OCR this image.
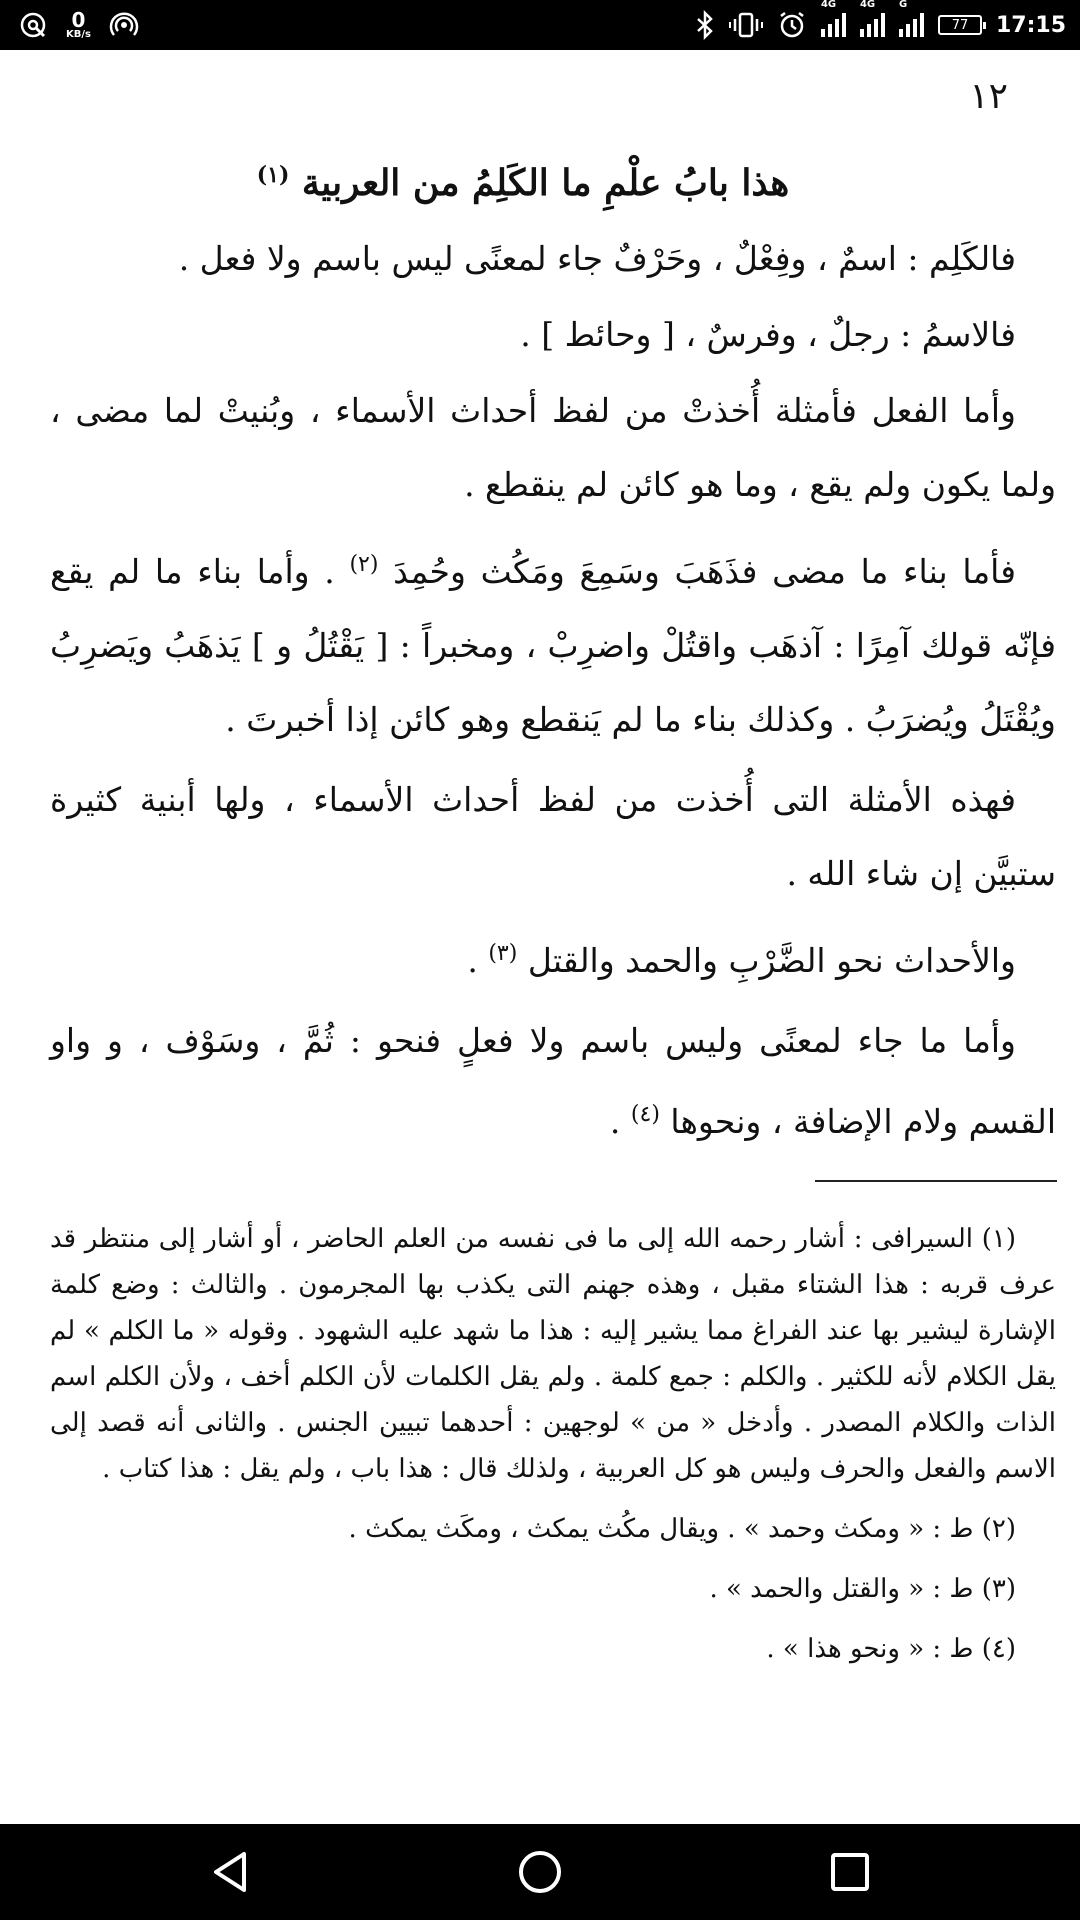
0
KB/s
4G 4G G
77 17:15
١٢
هذا بابُ علْمِ ما الكَلِمُ من العربية $^{(١)}$

فالكَلِم : اسمٌ ، وفِعْلٌ ، وحَرْفٌ جاء لمعنًى ليس باسم ولا فعل .

فالاسمُ : رجلٌ ، وفرسٌ ، [ وحائط ] .

وأما الفعل فأمثلة أُخذتْ من لفظ أحداث الأسماء ، وبُنيتْ لما مضى ، ولما يكون ولم يقع ، وما هو كائن لم ينقطع .

فأما بناء ما مضى فذَهَبَ وسَمِعَ ومَكُث وحُمِدَ $^{(٢)}$ . وأما بناء ما لم يقع فإنّه قولك آمِرًا : آذهَب واقتُلْ واضرِبْ ، ومخبراً : [ يَقْتُلُ و ] يَذهَبُ ويَضرِبُ ويُقْتَلُ ويُضرَبُ . وكذلك بناء ما لم يَنقطع وهو كائن إذا أخبرتَ .

فهذه الأمثلة التى أُخذت من لفظ أحداث الأسماء ، ولها أبنية كثيرة ستبيَّن إن شاء الله .

والأحداث نحو الضَّرْبِ والحمد والقتل $^{(٣)}$ .

وأما ما جاء لمعنًى وليس باسم ولا فعلٍ فنحو : ثُمَّ ، وسَوْف ، و واو القسم ولام الإضافة ، ونحوها $^{(٤)}$ .

(١) السيرافى : أشار رحمه الله إلى ما فى نفسه من العلم الحاضر ، أو أشار إلى منتظر قد عرف قربه : هذا الشتاء مقبل ، وهذه جهنم التى يكذب بها المجرمون . والثالث : وضع كلمة الإشارة ليشير بها عند الفراغ مما يشير إليه : هذا ما شهد عليه الشهود . وقوله « ما الكلم » لم يقل الكلام لأنه للكثير . والكلم : جمع كلمة . ولم يقل الكلمات لأن الكلم أخف ، ولأن الكلم اسم الذات والكلام المصدر . وأدخل « من » لوجهين : أحدهما تبيين الجنس . والثانى أنه قصد إلى الاسم والفعل والحرف وليس هو كل العربية ، ولذلك قال : هذا باب ، ولم يقل : هذا كتاب .

(٢) ط : « ومكث وحمد » . ويقال مكُث يمكث ، ومكَث يمكث .

(٣) ط : « والقتل والحمد » .

(٤) ط : « ونحو هذا » .
